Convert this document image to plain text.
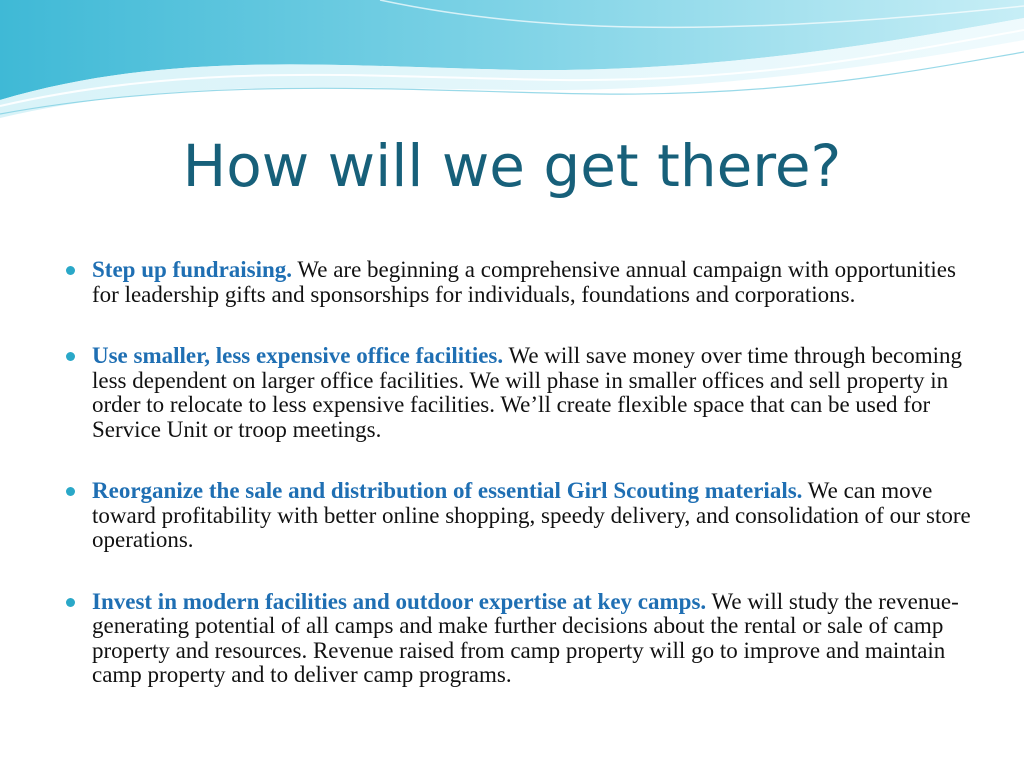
How will we get there?
Step up fundraising. We are beginning a comprehensive annual campaign with opportunities for leadership gifts and sponsorships for individuals, foundations and corporations.
Use smaller, less expensive office facilities. We will save money over time through becoming less dependent on larger office facilities. We will phase in smaller offices and sell property in order to relocate to less expensive facilities. We’ll create flexible space that can be used for Service Unit or troop meetings.
Reorganize the sale and distribution of essential Girl Scouting materials. We can move toward profitability with better online shopping, speedy delivery, and consolidation of our store operations.
Invest in modern facilities and outdoor expertise at key camps. We will study the revenue-generating potential of all camps and make further decisions about the rental or sale of camp property and resources. Revenue raised from camp property will go to improve and maintain camp property and to deliver camp programs.
